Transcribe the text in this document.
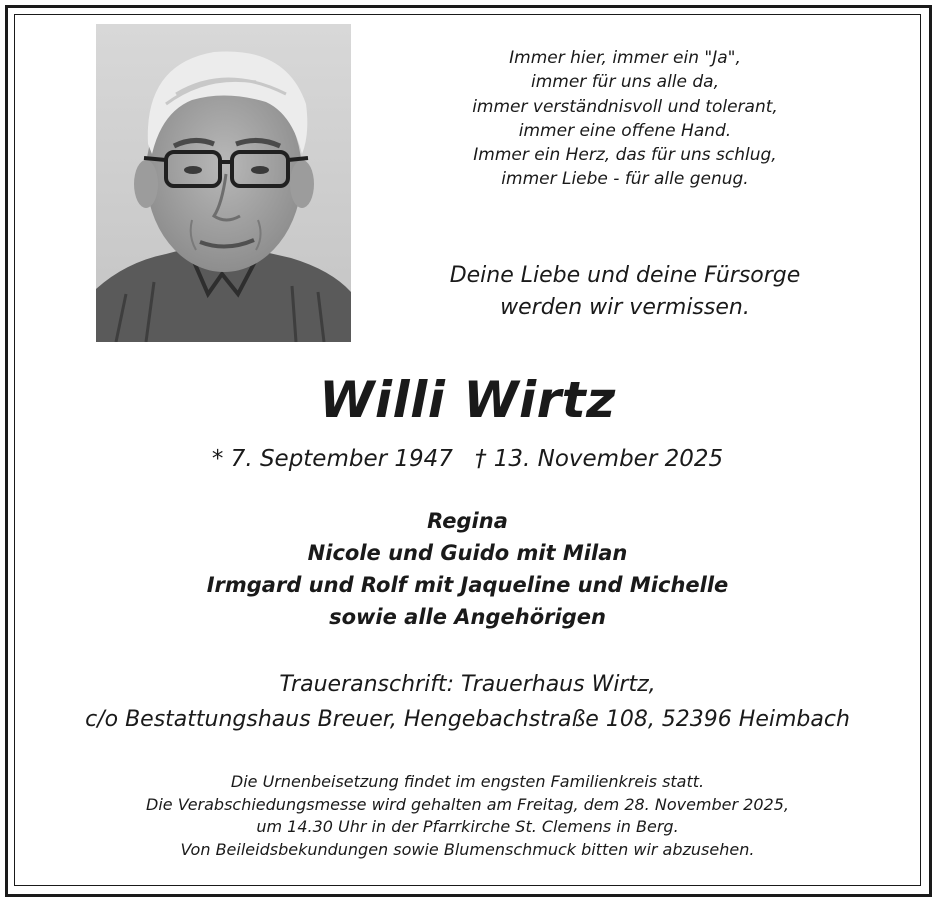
Immer hier, immer ein "Ja",
immer für uns alle da,
immer verständnisvoll und tolerant,
immer eine offene Hand.
Immer ein Herz, das für uns schlug,
immer Liebe - für alle genug.
Deine Liebe und deine Fürsorge
werden wir vermissen.
Willi Wirtz
* 7. September 1947 † 13. November 2025
Regina
Nicole und Guido mit Milan
Irmgard und Rolf mit Jaqueline und Michelle
sowie alle Angehörigen
Traueranschrift: Trauerhaus Wirtz,
c/o Bestattungshaus Breuer, Hengebachstraße 108, 52396 Heimbach
Die Urnenbeisetzung findet im engsten Familienkreis statt.
Die Verabschiedungsmesse wird gehalten am Freitag, dem 28. November 2025,
um 14.30 Uhr in der Pfarrkirche St. Clemens in Berg.
Von Beileidsbekundungen sowie Blumenschmuck bitten wir abzusehen.
